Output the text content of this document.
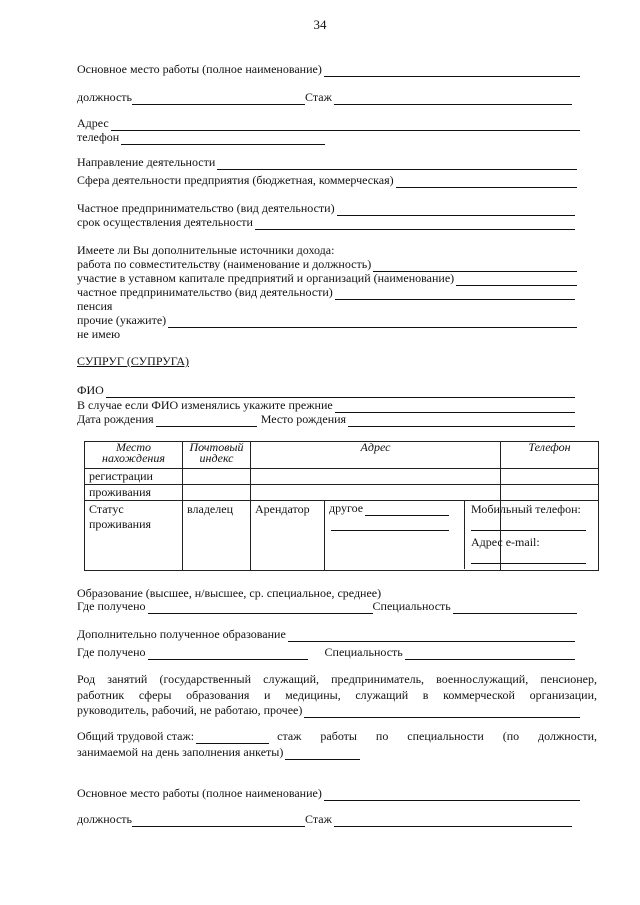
34
Основное место работы (полное наименование)
должность	Стаж
Адрес
телефон
Направление деятельности
Сфера деятельности предприятия (бюджетная, коммерческая)
Частное предпринимательство (вид деятельности)
срок осуществления деятельности
Имеете ли Вы дополнительные источники дохода:
работа по совместительству (наименование и должность)
участие в уставном капитале предприятий и организаций (наименование)
частное предпринимательство (вид деятельности)
пенсия
прочие (укажите)
не имею
СУПРУГ (СУПРУГА)
ФИО
В случае если ФИО изменялись укажите прежние
Дата рождения	Место рождения
Место нахождения	Почтовый индекс	Адрес		Телефон
регистрации				
проживания				

Статус проживания	владелец	Арендатор	другое	Мобильный телефон:
Адрес e-mail:
Образование (высшее, н/высшее, ср. специальное, среднее)
Где получено	Специальность
Дополнительно полученное образование
Где получено	Специальность
Род занятий (государственный служащий, предприниматель, военнослужащий, пенсионер,
работник сферы образования и медицины, служащий в коммерческой организации,
руководитель, рабочий, не работаю, прочее)
Общий трудовой стаж:	стаж работы по специальности (по должности,
занимаемой на день заполнения анкеты)
Основное место работы (полное наименование)
должность	Стаж
